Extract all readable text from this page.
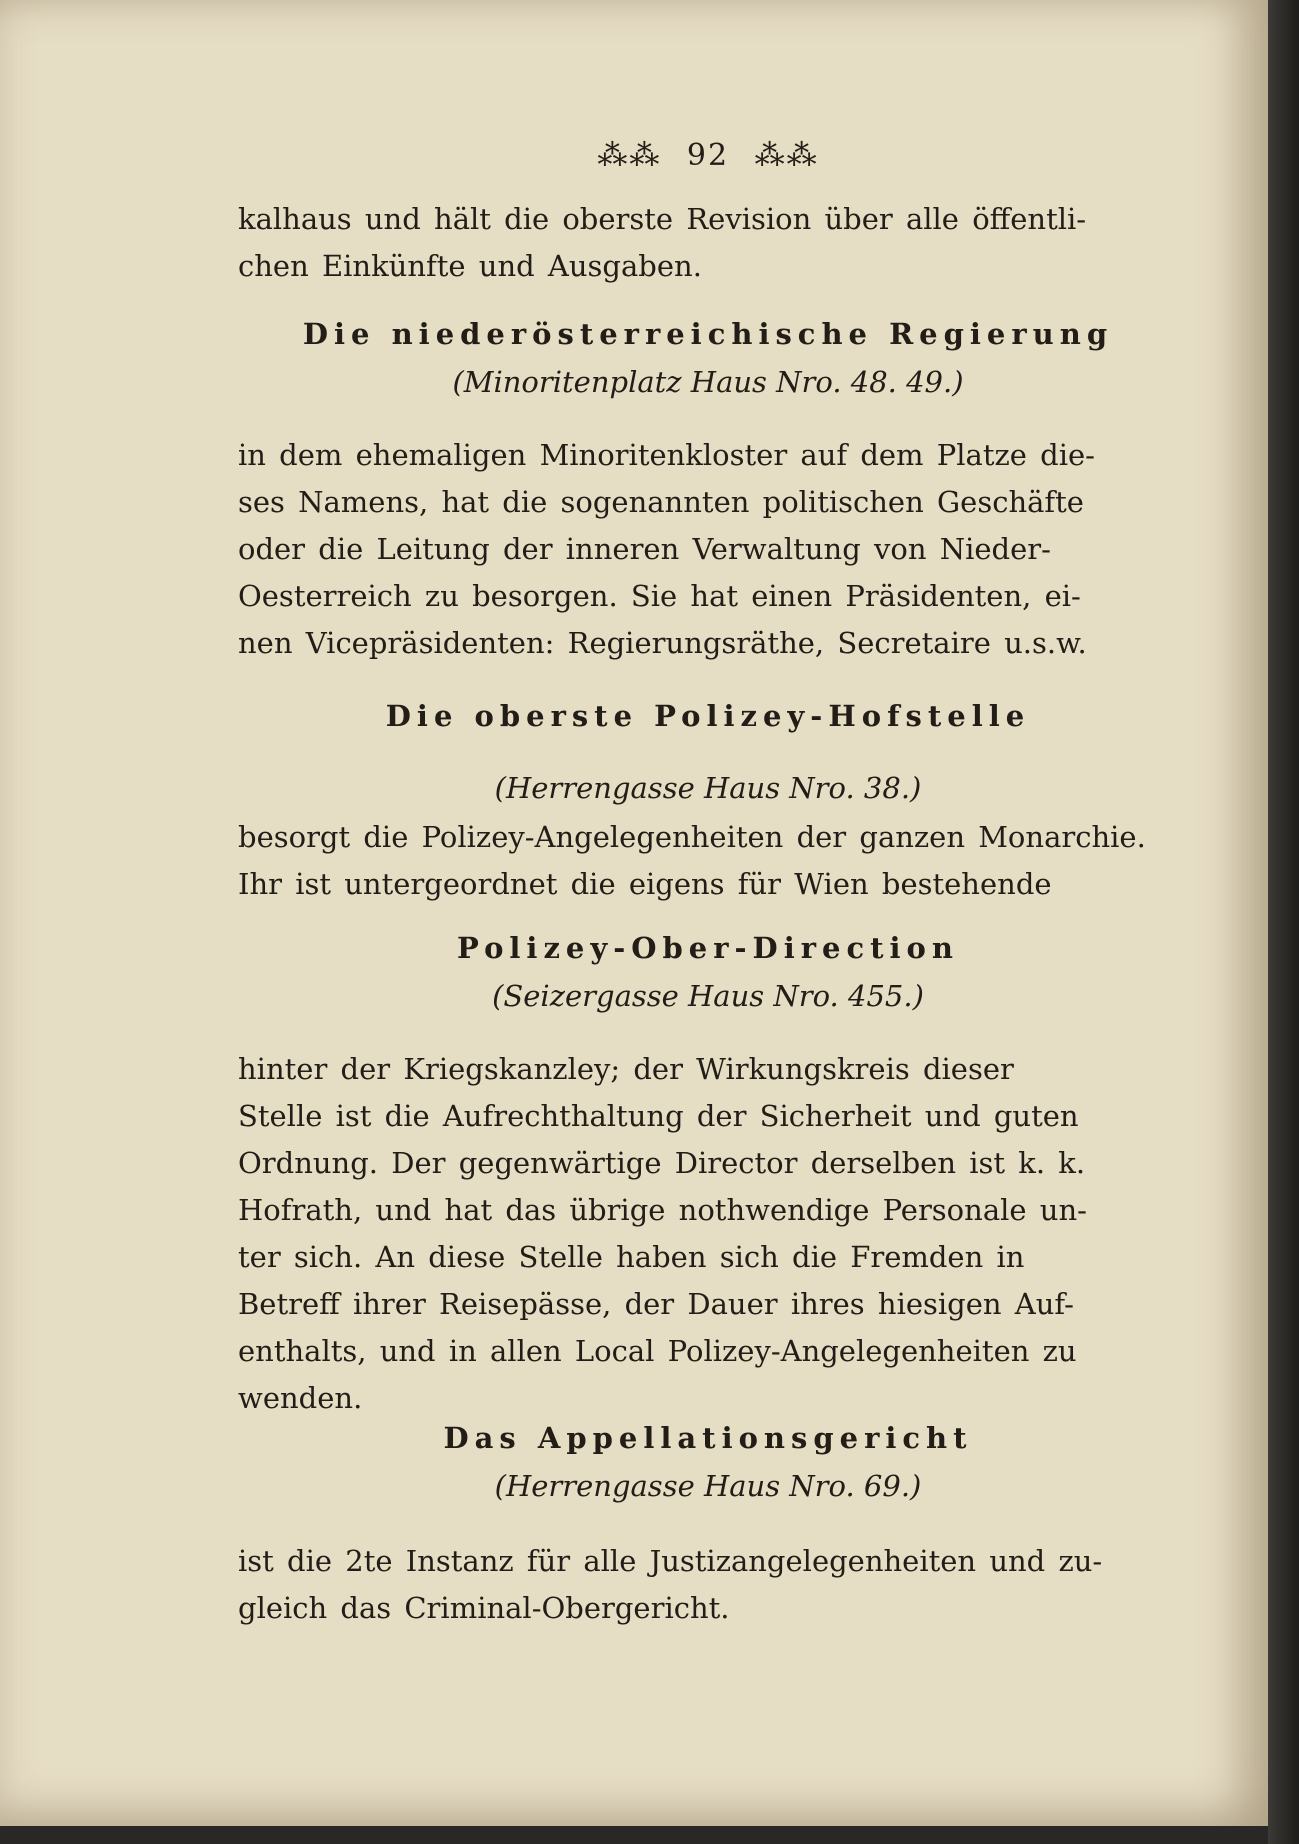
⁂⁂ 92 ⁂⁂
kalhaus und hält die oberste Revision über alle öffentli-
chen Einkünfte und Ausgaben.
Die niederösterreichische Regierung
(Minoritenplatz Haus Nro. 48. 49.)
in dem ehemaligen Minoritenkloster auf dem Platze die-
ses Namens, hat die sogenannten politischen Geschäfte
oder die Leitung der inneren Verwaltung von Nieder-
Oesterreich zu besorgen. Sie hat einen Präsidenten, ei-
nen Vicepräsidenten: Regierungsräthe, Secretaire u.s.w.
Die oberste Polizey-Hofstelle
(Herrengasse Haus Nro. 38.)
besorgt die Polizey-Angelegenheiten der ganzen Monarchie.
Ihr ist untergeordnet die eigens für Wien bestehende
Polizey-Ober-Direction
(Seizergasse Haus Nro. 455.)
hinter der Kriegskanzley; der Wirkungskreis dieser
Stelle ist die Aufrechthaltung der Sicherheit und guten
Ordnung. Der gegenwärtige Director derselben ist k. k.
Hofrath, und hat das übrige nothwendige Personale un-
ter sich. An diese Stelle haben sich die Fremden in
Betreff ihrer Reisepässe, der Dauer ihres hiesigen Auf-
enthalts, und in allen Local Polizey-Angelegenheiten zu
wenden.
Das Appellationsgericht
(Herrengasse Haus Nro. 69.)
ist die 2te Instanz für alle Justizangelegenheiten und zu-
gleich das Criminal-Obergericht.
